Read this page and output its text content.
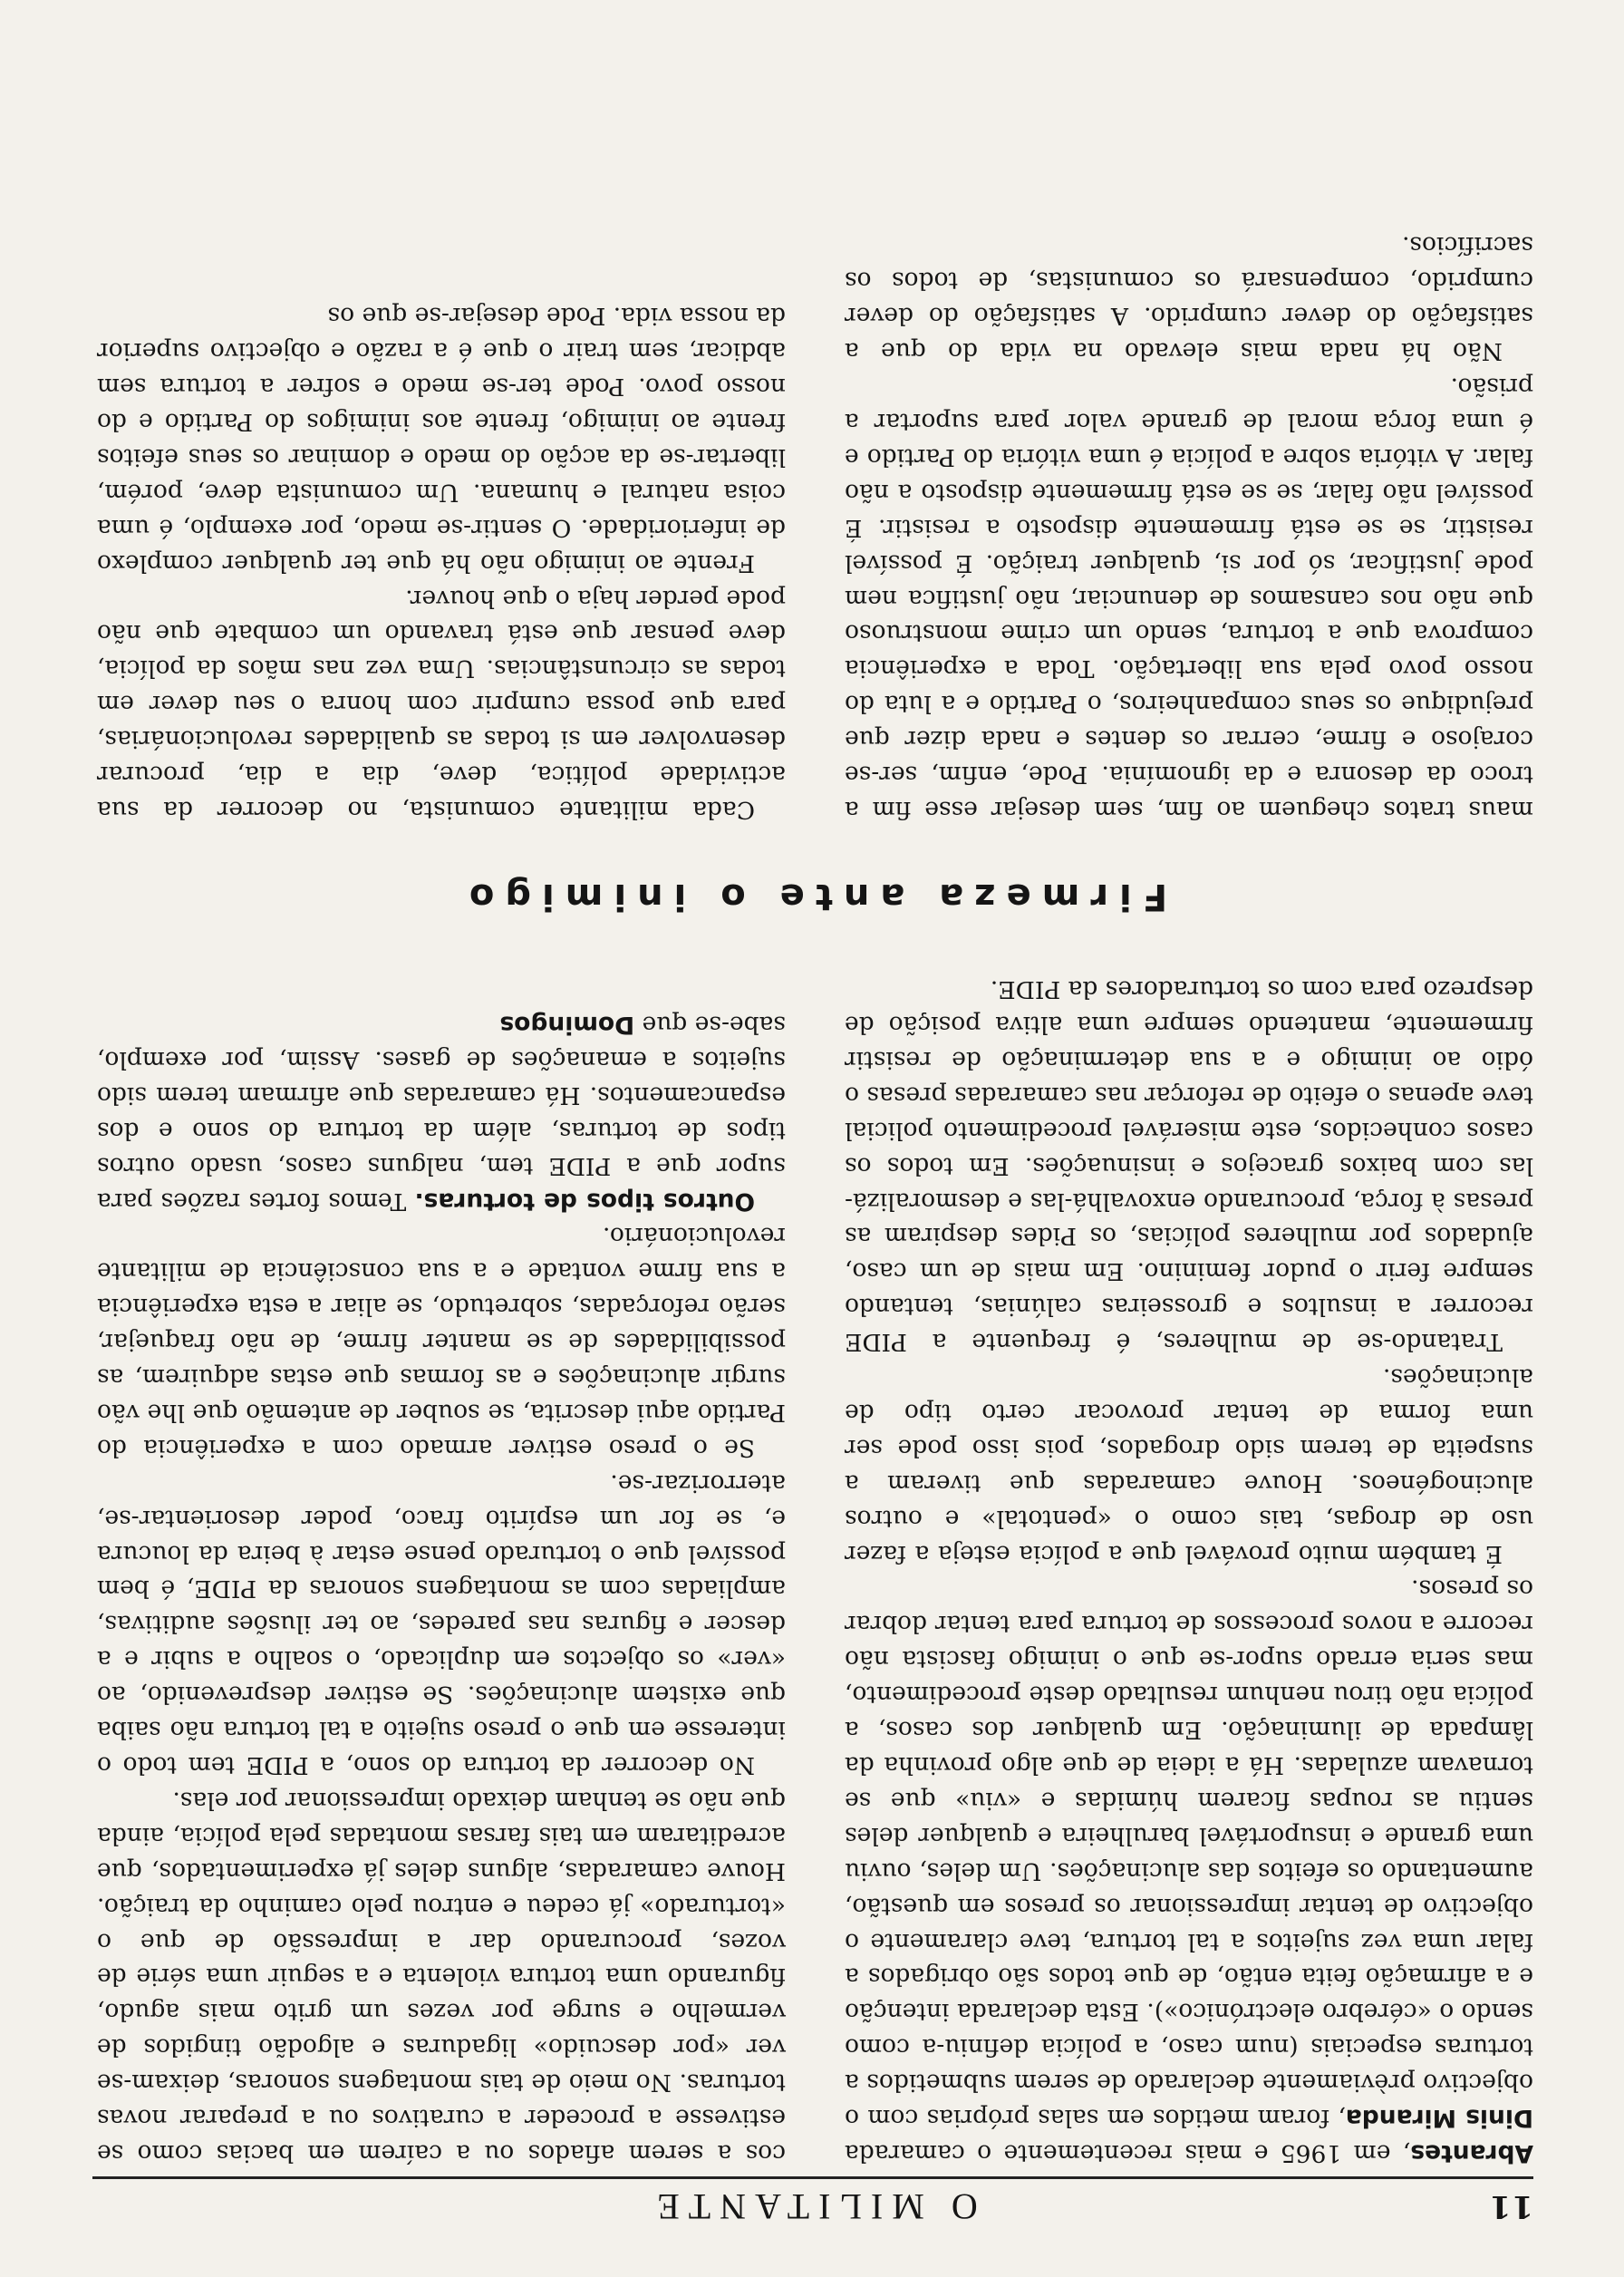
11
O MILITANTE

Abrantes, em 1965 e mais recentemente o camarada Dinis Miranda, foram metidos em salas próprias com o objectivo prèviamente declarado de serem submetidos a torturas especiais (num caso, a polícia definiu-a como sendo o «cérebro electrónico»). Esta declarada intenção e a afirmação feita então, de que todos são obrigados a falar uma vez sujeitos a tal tortura, teve claramente o objectivo de tentar impressionar os presos em questão, aumentando os efeitos das alucinações. Um deles, ouviu uma grande e insuportável barulheira e qualquer deles sentiu as roupas ficarem húmidas e «viu» que se tornavam azuladas. Há a ideia de que algo provinha da lâmpada de iluminação. Em qualquer dos casos, a polícia não tirou nenhum resultado deste procedimento, mas seria errado supor-se que o inimigo fascista não recorre a novos processos de tortura para tentar dobrar os presos.

É também muito provável que a polícia esteja a fazer uso de drogas, tais como o «pentotal» e outros alucinogéneos. Houve camaradas que tiveram a suspeita de terem sido drogados, pois isso pode ser uma forma de tentar provocar certo tipo de alucinações.

Tratando-se de mulheres, é frequente a PIDE recorrer a insultos e grosseiras calúnias, tentando sempre ferir o pudor feminino. Em mais de um caso, ajudados por mulheres polícias, os Pides despiram as presas à força, procurando enxovalhá-las e desmoralizá-las com baixos gracejos e insinuações. Em todos os casos conhecidos, este miserável procedimento policial teve apenas o efeito de reforçar nas camaradas presas o ódio ao inimigo e a sua determinação de resistir firmemente, mantendo sempre uma altiva posição de desprezo para com os torturadores da PIDE.

cos a serem afiados ou a caírem em bacias como se estivesse a proceder a curativos ou a preparar novas torturas. No meio de tais montagens sonoras, deixam-se ver «por descuido» ligaduras e algodão tingidos de vermelho e surge por vezes um grito mais agudo, figurando uma tortura violenta e a seguir uma série de vozes, procurando dar a impressão de que o «torturado» já cedeu e entrou pelo caminho da traição. Houve camaradas, alguns deles já experimentados, que acreditaram em tais farsas montadas pela polícia, ainda que não se tenham deixado impressionar por elas.

No decorrer da tortura do sono, a PIDE tem todo o interesse em que o preso sujeito a tal tortura não saiba que existem alucinações. Se estiver desprevenido, ao «ver» os objectos em duplicado, o soalho a subir e a descer e figuras nas paredes, ao ter ilusões auditivas, ampliadas com as montagens sonoras da PIDE, é bem possível que o torturado pense estar à beira da loucura e, se for um espírito fraco, poder desorientar-se, aterrorizar-se.

Se o preso estiver armado com a experiência do Partido aqui descrita, se souber de antemão que lhe vão surgir alucinações e as formas que estas adquirem, as possibilidades de se manter firme, de não fraquejar, serão reforçadas, sobretudo, se aliar a esta experiência a sua firme vontade e a sua consciência de militante revolucionário.

Outros tipos de torturas. Temos fortes razões para supor que a PIDE tem, nalguns casos, usado outros tipos de torturas, além da tortura do sono e dos espancamentos. Há camaradas que afirmam terem sido sujeitos a emanações de gases. Assim, por exemplo, sabe-se que Domingos

Firmeza ante o inimigo

maus tratos cheguem ao fim, sem desejar esse fim a troco da desonra e da ignomínia. Pode, enfim, ser-se corajoso e firme, cerrar os dentes e nada dizer que prejudique os seus companheiros, o Partido e a luta do nosso povo pela sua libertação. Toda a experiência comprova que a tortura, sendo um crime monstruoso que não nos cansamos de denunciar, não justifica nem pode justificar, só por si, qualquer traição. É possível resistir, se se está firmemente disposto a resistir. É possível não falar, se se está firmemente disposto a não falar. A vitória sobre a polícia é uma vitória do Partido e é uma força moral de grande valor para suportar a prisão.

Não há nada mais elevado na vida do que a satisfação do dever cumprido. A satisfação do dever cumprido, compensará os comunistas, de todos os sacrifícios.

Cada militante comunista, no decorrer da sua actividade política, deve, dia a dia, procurar desenvolver em si todas as qualidades revolucionárias, para que possa cumprir com honra o seu dever em todas as circunstâncias. Uma vez nas mãos da polícia, deve pensar que está travando um combate que não pode perder haja o que houver.

Frente ao inimigo não há que ter qualquer complexo de inferioridade. O sentir-se medo, por exemplo, é uma coisa natural e humana. Um comunista deve, porém, libertar-se da acção do medo e dominar os seus efeitos frente ao inimigo, frente aos inimigos do Partido e do nosso povo. Pode ter-se medo e sofrer a tortura sem abdicar, sem trair o que é a razão e objectivo superior da nossa vida. Pode desejar-se que os
